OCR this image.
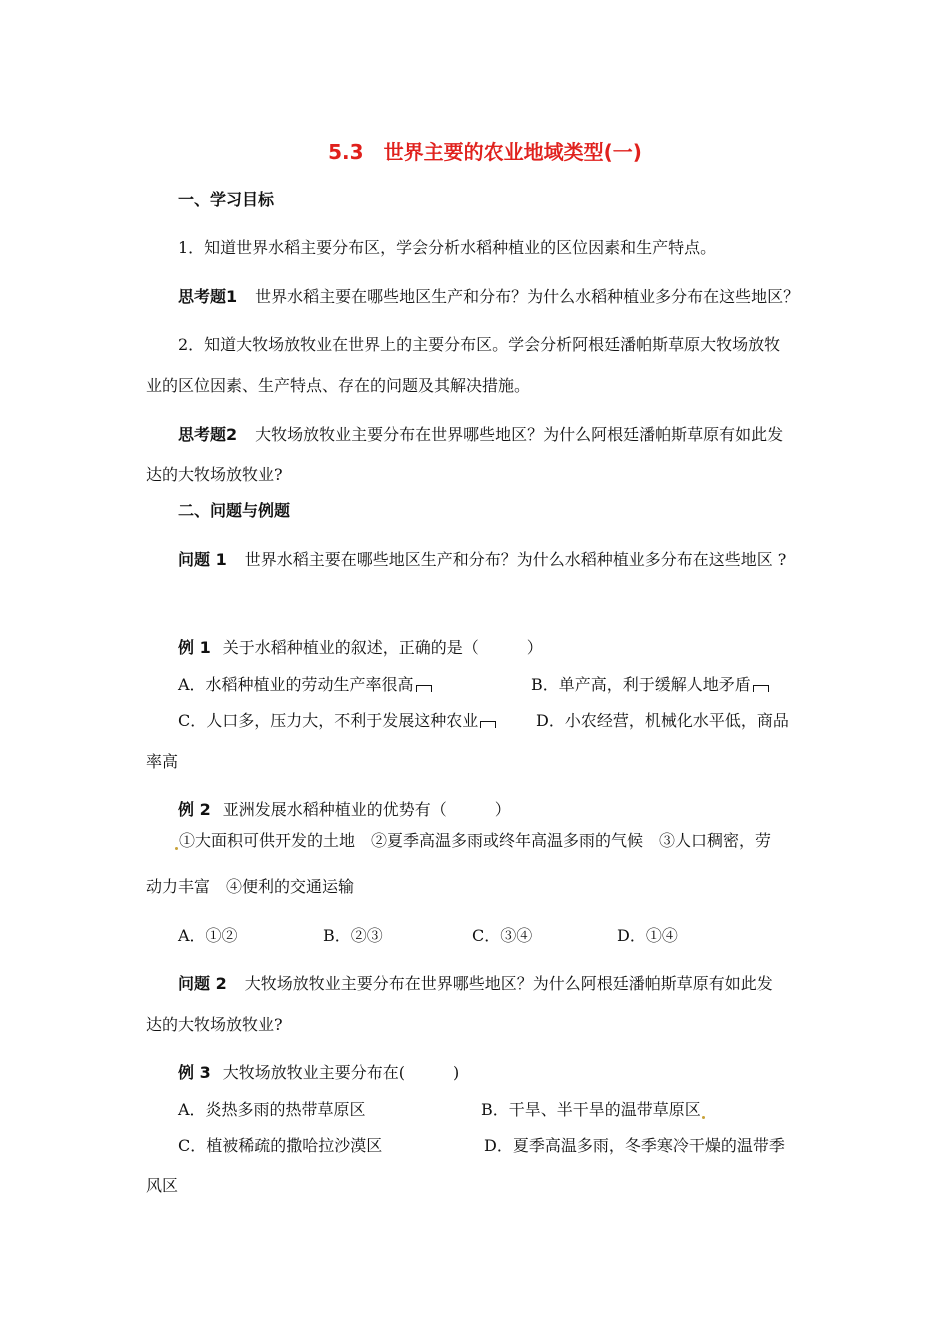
5.3　世界主要的农业地域类型(一)
一、学习目标
1．知道世界水稻主要分布区，学会分析水稻种植业的区位因素和生产特点。
思考题1 世界水稻主要在哪些地区生产和分布？为什么水稻种植业多分布在这些地区？
2．知道大牧场放牧业在世界上的主要分布区。学会分析阿根廷潘帕斯草原大牧场放牧
业的区位因素、生产特点、存在的问题及其解决措施。
思考题2 大牧场放牧业主要分布在世界哪些地区？为什么阿根廷潘帕斯草原有如此发
达的大牧场放牧业?
二、问题与例题
问题 1 世界水稻主要在哪些地区生产和分布？为什么水稻种植业多分布在这些地区 ?
例 1 关于水稻种植业的叙述，正确的是（　　　）
A．水稻种植业的劳动生产率很高	B．单产高，利于缓解人地矛盾
C．人口多，压力大，不利于发展这种农业	D．小农经营，机械化水平低，商品
率高
例 2 亚洲发展水稻种植业的优势有（　　　）
①大面积可供开发的土地　②夏季高温多雨或终年高温多雨的气候　③人口稠密，劳
动力丰富　④便利的交通运输
A．①②	B．②③	C．③④	D．①④
问题 2 大牧场放牧业主要分布在世界哪些地区？为什么阿根廷潘帕斯草原有如此发
达的大牧场放牧业?
例 3 大牧场放牧业主要分布在(　　　)
A．炎热多雨的热带草原区	B．干旱、半干旱的温带草原区
C．植被稀疏的撒哈拉沙漠区	D．夏季高温多雨，冬季寒冷干燥的温带季
风区
